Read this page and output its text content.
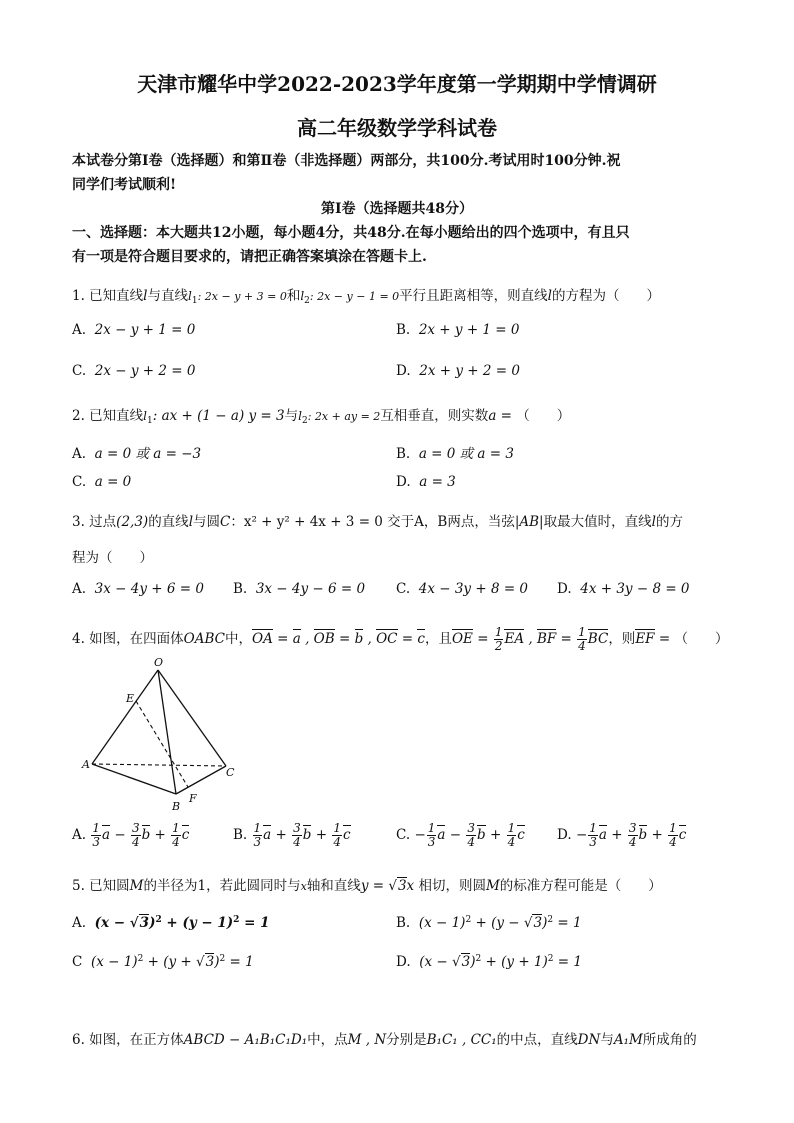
天津市耀华中学2022-2023学年度第一学期期中学情调研
高二年级数学学科试卷
本试卷分第Ⅰ卷（选择题）和第Ⅱ卷（非选择题）两部分，共100分.考试用时100分钟.祝
同学们考试顺利!
第Ⅰ卷（选择题共48分）
一、选择题：本大题共12小题，每小题4分，共48分.在每小题给出的四个选项中，有且只
有一项是符合题目要求的，请把正确答案填涂在答题卡上.
1. 已知直线l与直线$l_1$: 2x − y + 3 = 0和$l_2$: 2x − y − 1 = 0平行且距离相等，则直线l的方程为（　　）
A. 2x − y + 1 = 0	B. 2x + y + 1 = 0
C. 2x − y + 2 = 0	D. 2x + y + 2 = 0
2. 已知直线$l_1$: ax + (1 − a) y = 3与$l_2$: 2x + ay = 2互相垂直，则实数a = （　　）
A. a = 0 或 a = −3	B. a = 0 或 a = 3
C. a = 0	D. a = 3
3. 过点(2,3)的直线l与圆C：x² + y² + 4x + 3 = 0 交于A，B两点，当弦|AB|取最大值时，直线l的方
程为（　　）
A. 3x − 4y + 6 = 0 B. 3x − 4y − 6 = 0 C. 4x − 3y + 8 = 0 D. 4x + 3y − 8 = 0
4. 如图，在四面体OABC中，OA = a , OB = b , OC = c，且OE = $\frac{1}{2}$ EA , BF = $\frac{1}{4}$ BC，则EF = （　　）
O
E
A
B
C
F
A. $\frac{1}{3}$ $a - \frac{3}{4}$ $b + \frac{1}{4}$ c	B. $\frac{1}{3}$ $a + \frac{3}{4}$ $b + \frac{1}{4}$ c	C. − $\frac{1}{3}$ $a - \frac{3}{4}$ $b + \frac{1}{4}$ c D. − $\frac{1}{3}$ $a + \frac{3}{4}$ $b + \frac{1}{4}$ c
5. 已知圆M的半径为1，若此圆同时与x轴和直线y = √3x 相切，则圆M的标准方程可能是（　　）
A. $(x - √3)^2 + (y - 1)^2 = 1$	B. $(x - 1)^2 + (y - √3)^2 = 1$
C $(x - 1)^2 + (y + √3)^2 = 1$	D. $(x - √3)^2 + (y + 1)^2 = 1$
6. 如图，在正方体ABCD − A₁B₁C₁D₁中，点M , N分别是B₁C₁ , CC₁的中点，直线DN与A₁M所成角的
